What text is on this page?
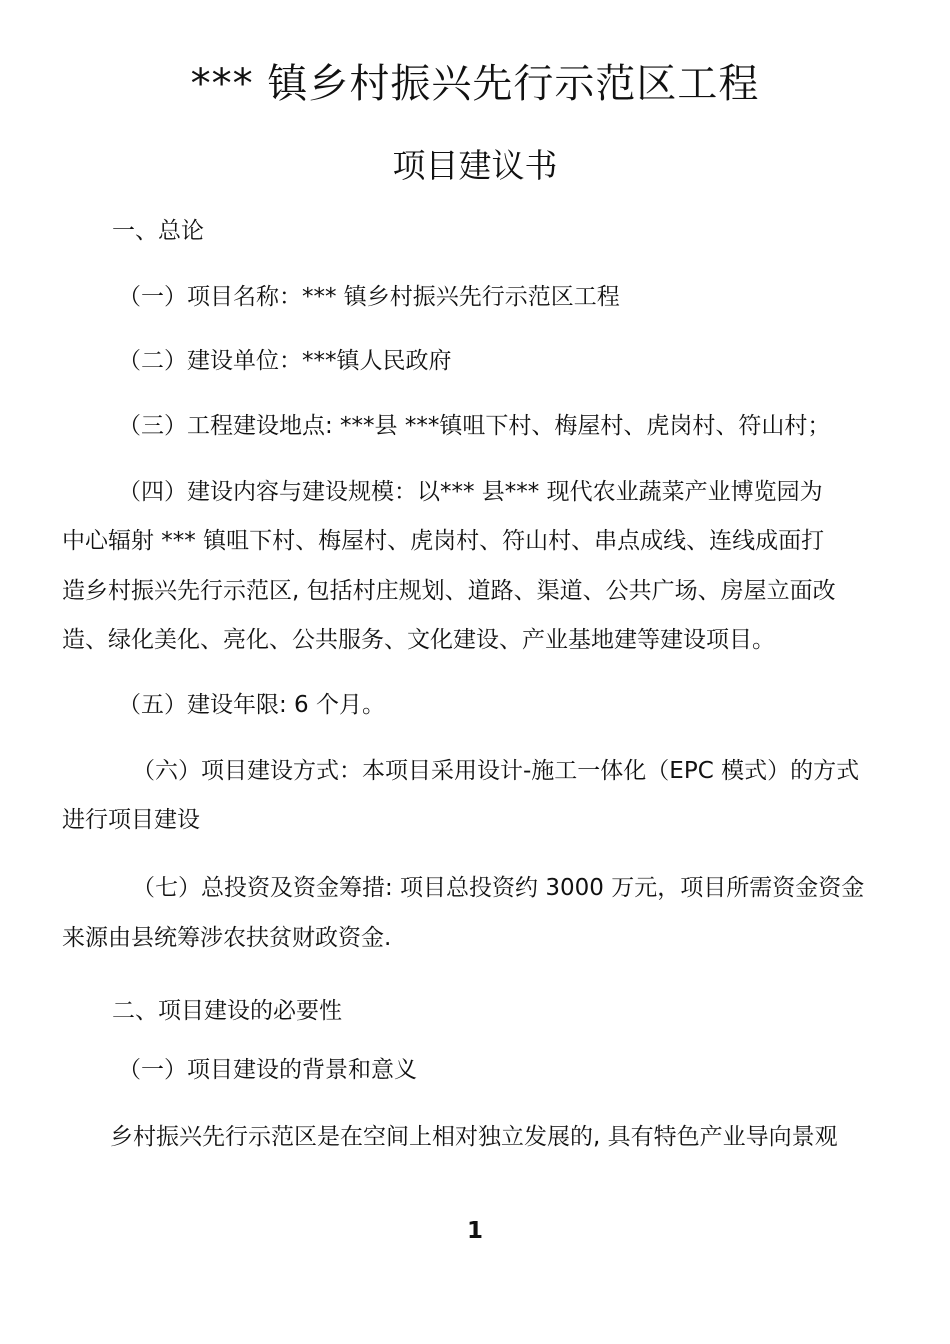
*** 镇乡村振兴先行示范区工程
项目建议书
一、总论
（一）项目名称：*** 镇乡村振兴先行示范区工程
（二）建设单位：***镇人民政府
（三）工程建设地点: ***县 ***镇咀下村、梅屋村、虎岗村、符山村；
（四）建设内容与建设规模：以*** 县*** 现代农业蔬菜产业博览园为
中心辐射 *** 镇咀下村、梅屋村、虎岗村、符山村、串点成线、连线成面打
造乡村振兴先行示范区, 包括村庄规划、道路、渠道、公共广场、房屋立面改
造、绿化美化、亮化、公共服务、文化建设、产业基地建等建设项目。
（五）建设年限: 6 个月。
（六）项目建设方式：本项目采用设计-施工一体化（EPC 模式）的方式
进行项目建设
（七）总投资及资金筹措: 项目总投资约 3000 万元，项目所需资金资金
来源由县统筹涉农扶贫财政资金.
二、项目建设的必要性
（一）项目建设的背景和意义
乡村振兴先行示范区是在空间上相对独立发展的, 具有特色产业导向景观
1
